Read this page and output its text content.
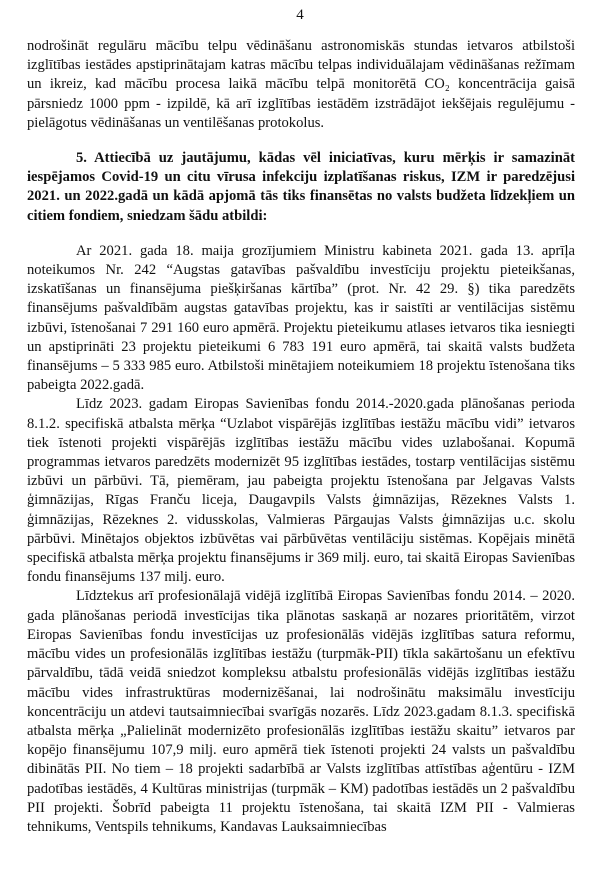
4

nodrošināt regulāru mācību telpu vēdināšanu astronomiskās stundas ietvaros atbilstoši izglītības iestādes apstiprinātajam katras mācību telpas individuālajam vēdināšanas režīmam un ikreiz, kad mācību procesa laikā mācību telpā monitorētā CO₂ koncentrācija gaisā pārsniedz 1000 ppm - izpildē, kā arī izglītības iestādēm izstrādājot iekšējais regulējumu - pielāgotus vēdināšanas un ventilēšanas protokolus.

5. Attiecībā uz jautājumu, kādas vēl iniciatīvas, kuru mērķis ir samazināt iespējamos Covid-19 un citu vīrusa infekciju izplatīšanas riskus, IZM ir paredzējusi 2021. un 2022.gadā un kādā apjomā tās tiks finansētas no valsts budžeta līdzekļiem un citiem fondiem, sniedzam šādu atbildi:

Ar 2021. gada 18. maija grozījumiem Ministru kabineta 2021. gada 13. aprīļa noteikumos Nr. 242 “Augstas gatavības pašvaldību investīciju projektu pieteikšanas, izskatīšanas un finansējuma piešķiršanas kārtība” (prot. Nr. 42 29. §) tika paredzēts finansējums pašvaldībām augstas gatavības projektu, kas ir saistīti ar ventilācijas sistēmu izbūvi, īstenošanai 7 291 160 euro apmērā. Projektu pieteikumu atlases ietvaros tika iesniegti un apstiprināti 23 projektu pieteikumi 6 783 191 euro apmērā, tai skaitā valsts budžeta finansējums – 5 333 985 euro. Atbilstoši minētajiem noteikumiem 18 projektu īstenošana tiks pabeigta 2022.gadā.

Līdz 2023. gadam Eiropas Savienības fondu 2014.-2020.gada plānošanas perioda 8.1.2. specifiskā atbalsta mērķa “Uzlabot vispārējās izglītības iestāžu mācību vidi” ietvaros tiek īstenoti projekti vispārējās izglītības iestāžu mācību vides uzlabošanai. Kopumā programmas ietvaros paredzēts modernizēt 95 izglītības iestādes, tostarp ventilācijas sistēmu izbūvi un pārbūvi. Tā, piemēram, jau pabeigta projektu īstenošana par Jelgavas Valsts ģimnāzijas, Rīgas Franču liceja, Daugavpils Valsts ģimnāzijas, Rēzeknes Valsts 1. ģimnāzijas, Rēzeknes 2. vidusskolas, Valmieras Pārgaujas Valsts ģimnāzijas u.c. skolu pārbūvi. Minētajos objektos izbūvētas vai pārbūvētas ventilāciju sistēmas. Kopējais minētā specifiskā atbalsta mērķa projektu finansējums ir 369 milj. euro, tai skaitā Eiropas Savienības fondu finansējums 137 milj. euro.

Līdztekus arī profesionālajā vidējā izglītībā Eiropas Savienības fondu 2014. – 2020. gada plānošanas periodā investīcijas tika plānotas saskaņā ar nozares prioritātēm, virzot Eiropas Savienības fondu investīcijas uz profesionālās vidējās izglītības satura reformu, mācību vides un profesionālās izglītības iestāžu (turpmāk-PII) tīkla sakārtošanu un efektīvu pārvaldību, tādā veidā sniedzot kompleksu atbalstu profesionālās vidējās izglītības iestāžu mācību vides infrastruktūras modernizēšanai, lai nodrošinātu maksimālu investīciju koncentrāciju un atdevi tautsaimniecībai svarīgās nozarēs. Līdz 2023.gadam 8.1.3. specifiskā atbalsta mērķa „Palielināt modernizēto profesionālās izglītības iestāžu skaitu” ietvaros par kopējo finansējumu 107,9 milj. euro apmērā tiek īstenoti projekti 24 valsts un pašvaldību dibinātās PII. No tiem – 18 projekti sadarbībā ar Valsts izglītības attīstības aģentūru - IZM padotības iestādēs, 4 Kultūras ministrijas (turpmāk – KM) padotības iestādēs un 2 pašvaldību PII projekti. Šobrīd pabeigta 11 projektu īstenošana, tai skaitā IZM PII - Valmieras tehnikums, Ventspils tehnikums, Kandavas Lauksaimniecības
